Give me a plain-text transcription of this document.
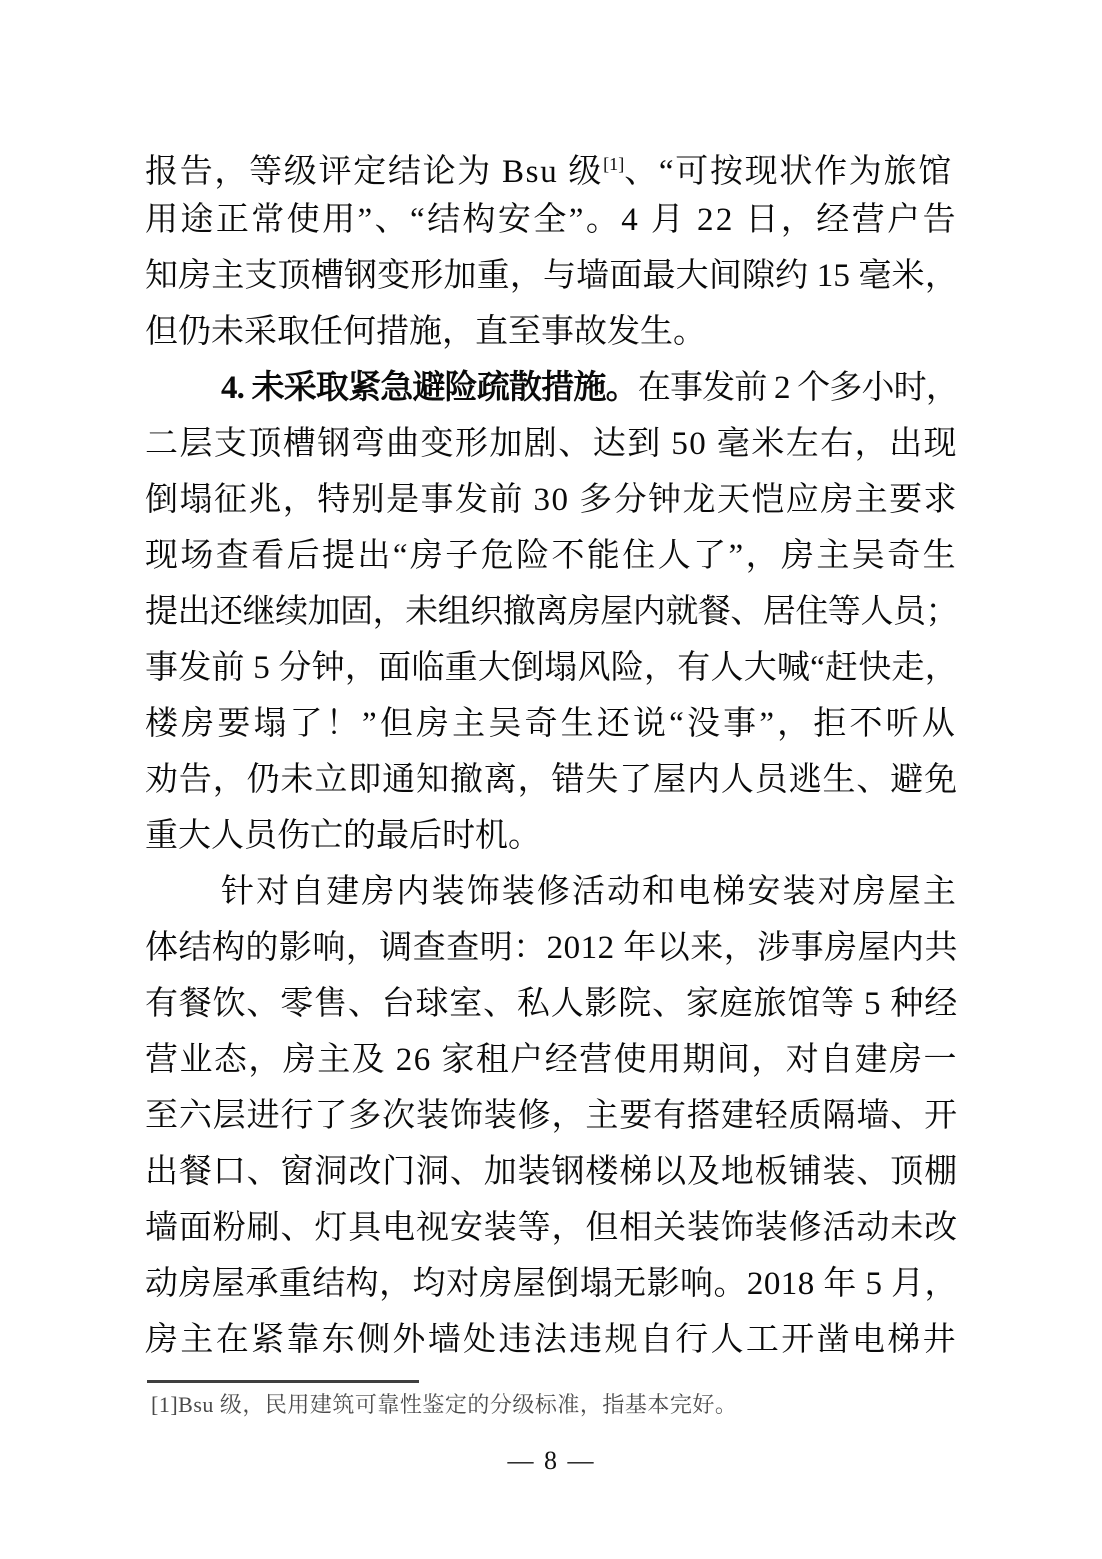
报告，等级评定结论为 Bsu 级[1]、“可按现状作为旅馆
用途正常使用”、“结构安全”。4 月 22 日，经营户告
知房主支顶槽钢变形加重，与墙面最大间隙约 15 毫米，
但仍未采取任何措施，直至事故发生。
4. 未采取紧急避险疏散措施。在事发前 2 个多小时，
二层支顶槽钢弯曲变形加剧、达到 50 毫米左右，出现
倒塌征兆，特别是事发前 30 多分钟龙天恺应房主要求
现场查看后提出“房子危险不能住人了”，房主吴奇生
提出还继续加固，未组织撤离房屋内就餐、居住等人员；
事发前 5 分钟，面临重大倒塌风险，有人大喊“赶快走，
楼房要塌了！”但房主吴奇生还说“没事”，拒不听从
劝告，仍未立即通知撤离，错失了屋内人员逃生、避免
重大人员伤亡的最后时机。
针对自建房内装饰装修活动和电梯安装对房屋主
体结构的影响，调查查明：2012 年以来，涉事房屋内共
有餐饮、零售、台球室、私人影院、家庭旅馆等 5 种经
营业态，房主及 26 家租户经营使用期间，对自建房一
至六层进行了多次装饰装修，主要有搭建轻质隔墙、开
出餐口、窗洞改门洞、加装钢楼梯以及地板铺装、顶棚
墙面粉刷、灯具电视安装等，但相关装饰装修活动未改
动房屋承重结构，均对房屋倒塌无影响。2018 年 5 月，
房主在紧靠东侧外墙处违法违规自行人工开凿电梯井
[1]Bsu 级，民用建筑可靠性鉴定的分级标准，指基本完好。
— 8 —
